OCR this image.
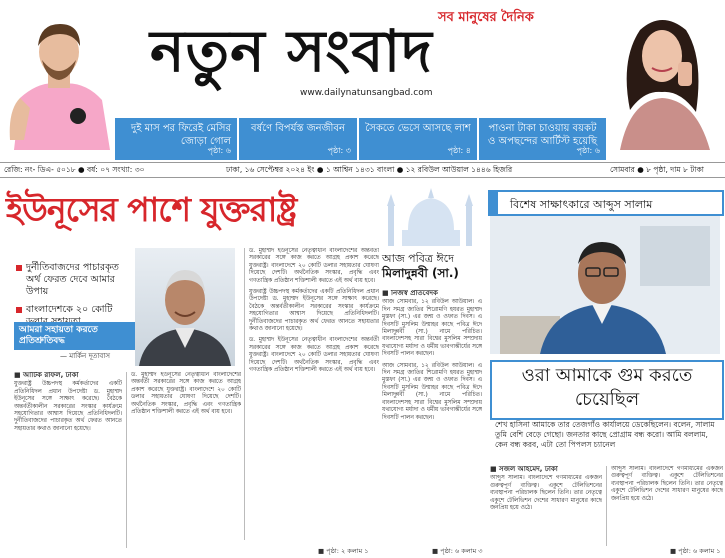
সব মানুষের দৈনিক
নতুন সংবাদ
www.dailynatunsangbad.com
দুই মাস পর ফিরেই মেসির জোড়া গোল
পৃষ্ঠা: ৬
বর্ষণে বিপর্যস্ত জনজীবন
পৃষ্ঠা: ৩
সৈকতে ভেসে আসছে লাশ
পৃষ্ঠা: ৪
পাওনা টাকা চাওয়ায় বয়কট ও অপছন্দের আর্টিস্ট হয়েছি
পৃষ্ঠা: ৬
রেজি: নং- ডিএ- ৫০১৮ ● বর্ষ: ০৭ সংখ্যা: ৩০	ঢাকা, ১৬ সেপ্টেম্বর ২০২৪ ইং ● ১ আশ্বিন ১৪৩১ বাংলা ● ১২ রবিউল আউয়াল ১৪৪৬ হিজরি	সোমবার ● ৮ পৃষ্ঠা, দাম ৮ টাকা
ইউনূসের পাশে যুক্তরাষ্ট্র
দুর্নীতিবাজদের পাচারকৃত অর্থ ফেরত দেবে আমার উপায়
বাংলাদেশকে ২০ কোটি
আমরা সহায়তা করতে প্রতিশ্রুতিবদ্ধ
— মার্কিন দূতাবাস
■ আর্টিক রাফল, ঢাকা
যুক্তরাষ্ট্র উচ্চপদস্থ কর্মকর্তাদের একটি প্রতিনিধিদল প্রধান উপদেষ্টা ড. মুহাম্মদ ইউনূসের সঙ্গে সাক্ষাৎ করেছে। বৈঠকে অন্তর্বর্তীকালীন সরকারের সংস্কার কার্যক্রমে সহযোগিতার আশ্বাস দিয়েছে প্রতিনিধিদলটি। দুর্নীতিবাজদের পাচারকৃত অর্থ ফেরত আনতে সহায়তার কথাও জানানো হয়েছে।
ড. মুহাম্মদ ইউনূসের নেতৃত্বাধীন বাংলাদেশের অন্তর্বর্তী সরকারের সঙ্গে কাজ করতে আগ্রহ প্রকাশ করেছে যুক্তরাষ্ট্র। বাংলাদেশে ২০ কোটি ডলার সহায়তার ঘোষণা দিয়েছে দেশটি। অর্থনৈতিক সংস্কার, প্রবৃদ্ধি এবং গণতান্ত্রিক প্রতিষ্ঠান শক্তিশালী করতে এই অর্থ ব্যয় হবে।
ড. মুহাম্মদ ইউনূসের নেতৃত্বাধীন বাংলাদেশের অন্তর্বর্তী সরকারের সঙ্গে কাজ করতে আগ্রহ প্রকাশ করেছে যুক্তরাষ্ট্র। বাংলাদেশে ২০ কোটি ডলার সহায়তার ঘোষণা দিয়েছে দেশটি। অর্থনৈতিক সংস্কার, প্রবৃদ্ধি এবং গণতান্ত্রিক প্রতিষ্ঠান শক্তিশালী করতে এই অর্থ ব্যয় হবে।
যুক্তরাষ্ট্র উচ্চপদস্থ কর্মকর্তাদের একটি প্রতিনিধিদল প্রধান উপদেষ্টা ড. মুহাম্মদ ইউনূসের সঙ্গে সাক্ষাৎ করেছে। বৈঠকে অন্তর্বর্তীকালীন সরকারের সংস্কার কার্যক্রমে সহযোগিতার আশ্বাস দিয়েছে প্রতিনিধিদলটি। দুর্নীতিবাজদের পাচারকৃত অর্থ ফেরত আনতে সহায়তার কথাও জানানো হয়েছে।
ড. মুহাম্মদ ইউনূসের নেতৃত্বাধীন বাংলাদেশের অন্তর্বর্তী সরকারের সঙ্গে কাজ করতে আগ্রহ প্রকাশ করেছে যুক্তরাষ্ট্র। বাংলাদেশে ২০ কোটি ডলার সহায়তার ঘোষণা দিয়েছে দেশটি। অর্থনৈতিক সংস্কার, প্রবৃদ্ধি এবং গণতান্ত্রিক প্রতিষ্ঠান শক্তিশালী করতে এই অর্থ ব্যয় হবে।
■ পৃষ্ঠা: ২ কলাম ১
আজ পবিত্র ঈদে
মিলাদুন্নবী (সা.)
■ নিজস্ব প্রতিবেদক
আজ সোমবার, ১২ রবিউল আউয়াল। এ দিন সমগ্র জাতির শিরোমণি হযরত মুহাম্মদ মুস্তফা (সা.) এর জন্ম ও ওফাত দিবস। এ দিবসটি মুসলিম উম্মাহর কাছে পবিত্র ঈদে মিলাদুন্নবী (সা.) নামে পরিচিত। বাংলাদেশসহ সারা বিশ্বের মুসলিম সম্প্রদায় যথাযোগ্য মর্যাদা ও ধর্মীয় ভাবগাম্ভীর্যের সঙ্গে দিবসটি পালন করছেন।
আজ সোমবার, ১২ রবিউল আউয়াল। এ দিন সমগ্র জাতির শিরোমণি হযরত মুহাম্মদ মুস্তফা (সা.) এর জন্ম ও ওফাত দিবস। এ দিবসটি মুসলিম উম্মাহর কাছে পবিত্র ঈদে মিলাদুন্নবী (সা.) নামে পরিচিত। বাংলাদেশসহ সারা বিশ্বের মুসলিম সম্প্রদায় যথাযোগ্য মর্যাদা ও ধর্মীয় ভাবগাম্ভীর্যের সঙ্গে দিবসটি পালন করছেন।
■ পৃষ্ঠা: ৬ কলাম ৩
বিশেষ সাক্ষাৎকারে আব্দুস সালাম
ওরা আমাকে গুম করতে চেয়েছিল
শেখ হাসিনা আমাকে তার তেজগাঁও কার্যালয়ে ডেকেছিলেন। বলেন, সালাম তুমি বেশি বেড়ে গেছো। জনতার কাছে প্রোগ্রাম বন্ধ করো। আমি বললাম, কেন বন্ধ করব, এটা তো পিপলস চ্যানেল
■ সজল আহমেদ, ঢাকা
আব্দুস সালাম। বাংলাদেশে গণমাধ্যমের একজন গুরুত্বপূর্ণ ব্যক্তিত্ব। একুশে টেলিভিশনের ব্যবস্থাপনা পরিচালক ছিলেন তিনি। তার নেতৃত্বে একুশে টেলিভিশন দেশের সাধারণ মানুষের কাছে জনপ্রিয় হয়ে ওঠে।
আব্দুস সালাম। বাংলাদেশে গণমাধ্যমের একজন গুরুত্বপূর্ণ ব্যক্তিত্ব। একুশে টেলিভিশনের ব্যবস্থাপনা পরিচালক ছিলেন তিনি। তার নেতৃত্বে একুশে টেলিভিশন দেশের সাধারণ মানুষের কাছে জনপ্রিয় হয়ে ওঠে।
■ পৃষ্ঠা: ৬ কলাম ১
